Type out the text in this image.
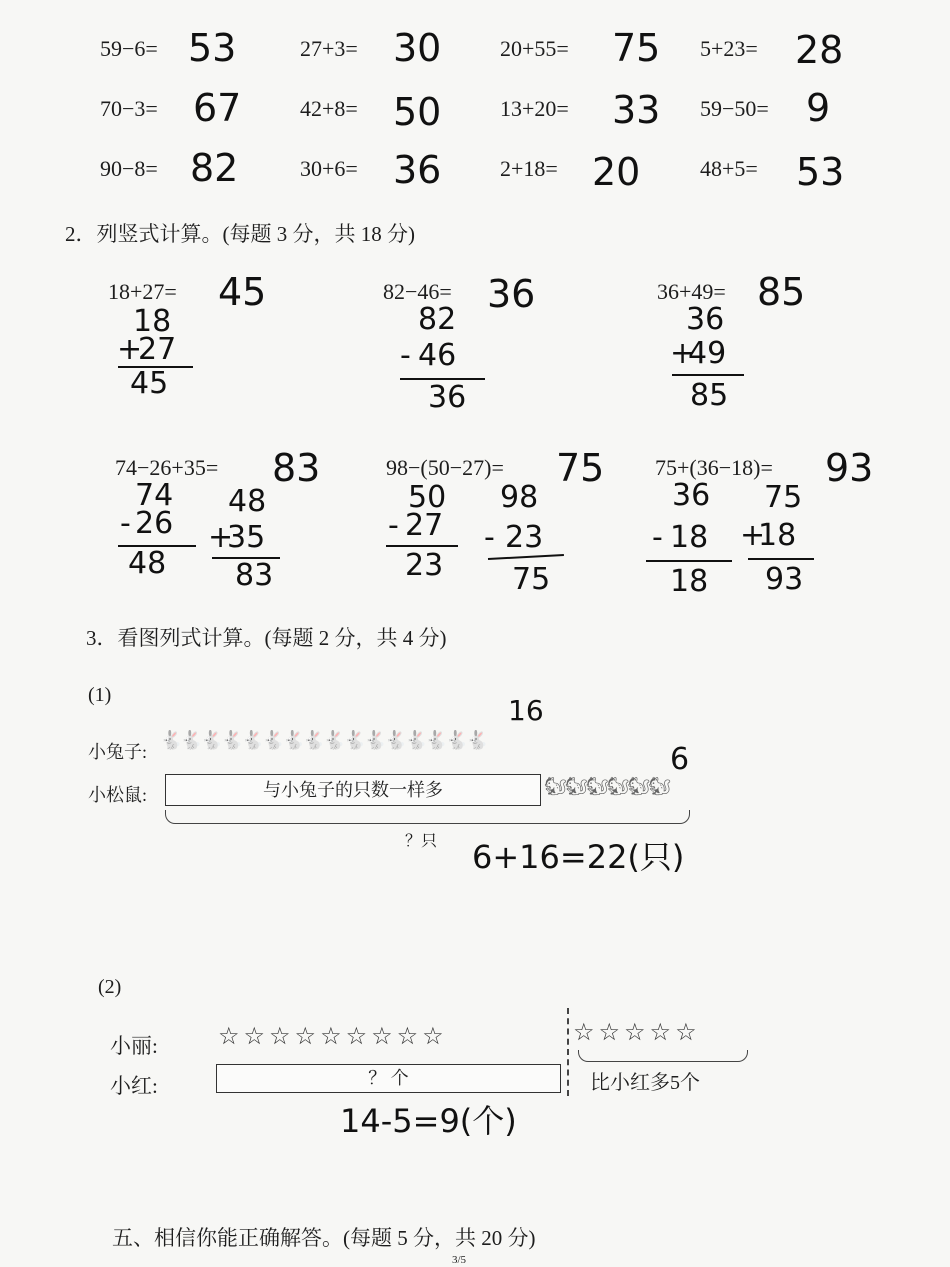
59−6= 53	27+3= 30	20+55= 75 5+23= 28
70−3= 67	42+8= 50	13+20= 33 59−50= 9
90−8= 82	30+6= 36	2+18= 20	48+5= 53
2．列竖式计算。(每题 3 分，共 18 分)
18+27= 45
18
+
27
45
82−46= 36
82
- 46
36
36+49= 85
36
+
49
85
74−26+35= 83
74
- 26
48
48
+
35
83
98−(50−27)= 75
50
- 27
23
98
- 23
75
75+(36−18)= 93
36
- 18
18
75
+
18
93
3．看图列式计算。(每题 2 分，共 4 分)
(1)	16
小兔子:
🐇🐇🐇🐇🐇🐇🐇🐇🐇🐇🐇🐇🐇🐇🐇🐇
小松鼠:	与小兔子的只数一样多
6
🐿🐿🐿🐿🐿🐿
？只 6+16=22(只)
(2)
小丽:	☆ ☆ ☆ ☆ ☆ ☆ ☆ ☆ ☆	☆ ☆ ☆ ☆ ☆
小红:	？ 个	比小红多5个
14-5=9(个)
五、相信你能正确解答。(每题 5 分，共 20 分)
3/5
